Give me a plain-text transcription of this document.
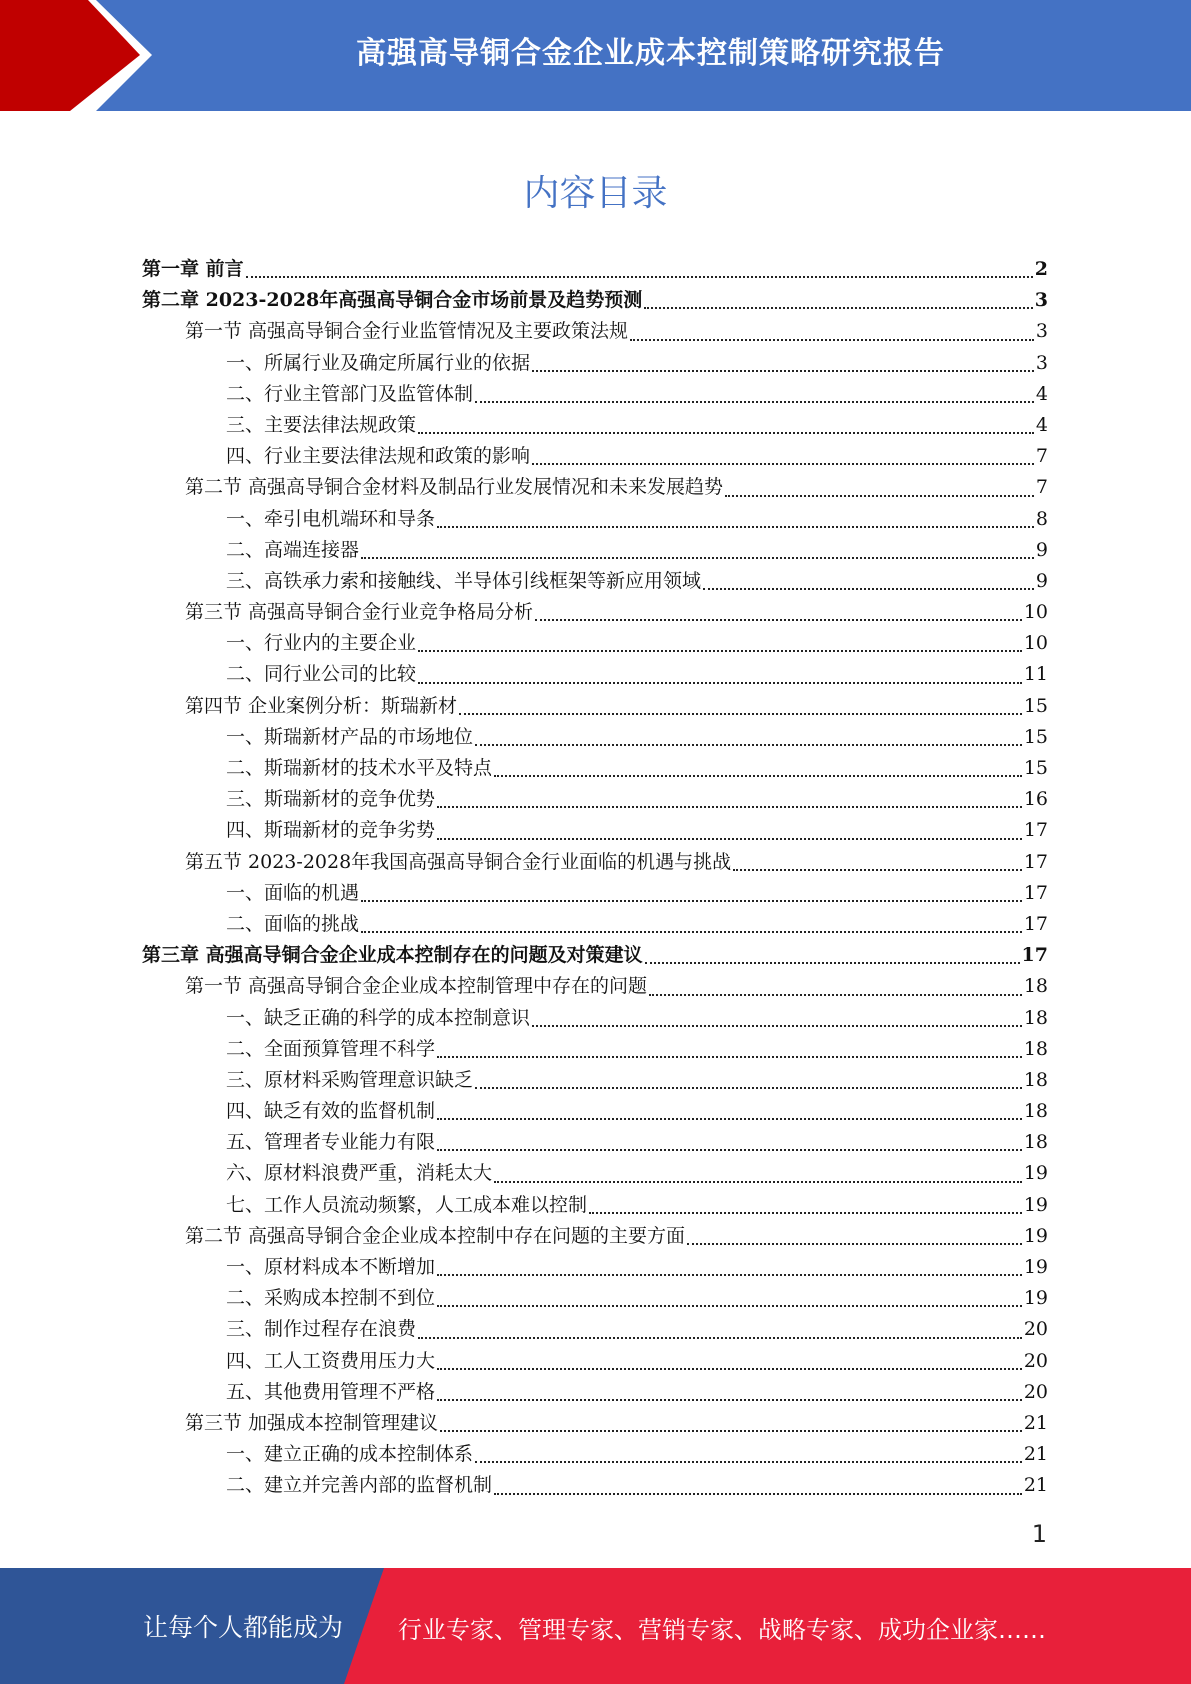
高强高导铜合金企业成本控制策略研究报告
内容目录
第一章 前言	2
第二章 2023-2028年高强高导铜合金市场前景及趋势预测	3
第一节 高强高导铜合金行业监管情况及主要政策法规	3
一、所属行业及确定所属行业的依据	3
二、行业主管部门及监管体制	4
三、主要法律法规政策	4
四、行业主要法律法规和政策的影响	7
第二节 高强高导铜合金材料及制品行业发展情况和未来发展趋势	7
一、牵引电机端环和导条	8
二、高端连接器	9
三、高铁承力索和接触线、半导体引线框架等新应用领域	9
第三节 高强高导铜合金行业竞争格局分析	10
一、行业内的主要企业	10
二、同行业公司的比较	11
第四节 企业案例分析：斯瑞新材	15
一、斯瑞新材产品的市场地位	15
二、斯瑞新材的技术水平及特点	15
三、斯瑞新材的竞争优势	16
四、斯瑞新材的竞争劣势	17
第五节 2023-2028年我国高强高导铜合金行业面临的机遇与挑战	17
一、面临的机遇	17
二、面临的挑战	17
第三章 高强高导铜合金企业成本控制存在的问题及对策建议	17
第一节 高强高导铜合金企业成本控制管理中存在的问题	18
一、缺乏正确的科学的成本控制意识	18
二、全面预算管理不科学	18
三、原材料采购管理意识缺乏	18
四、缺乏有效的监督机制	18
五、管理者专业能力有限	18
六、原材料浪费严重，消耗太大	19
七、工作人员流动频繁，人工成本难以控制	19
第二节 高强高导铜合金企业成本控制中存在问题的主要方面	19
一、原材料成本不断增加	19
二、采购成本控制不到位	19
三、制作过程存在浪费	20
四、工人工资费用压力大	20
五、其他费用管理不严格	20
第三节 加强成本控制管理建议	21
一、建立正确的成本控制体系	21
二、建立并完善内部的监督机制	21
1
让每个人都能成为 行业专家、管理专家、营销专家、战略专家、成功企业家……
